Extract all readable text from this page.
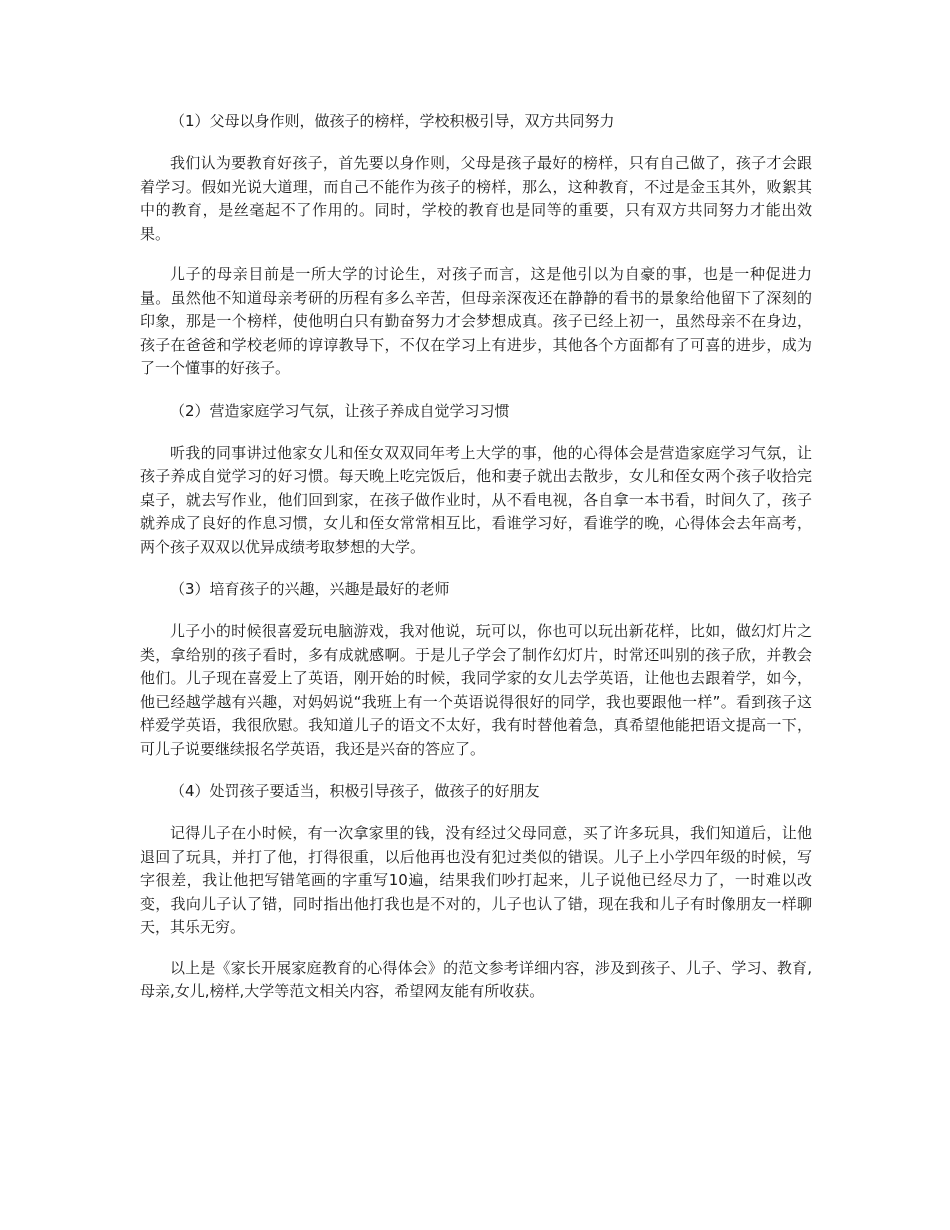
（1）父母以身作则，做孩子的榜样，学校积极引导，双方共同努力

我们认为要教育好孩子，首先要以身作则，父母是孩子最好的榜样，只有自己做了，孩子才会跟着学习。假如光说大道理，而自己不能作为孩子的榜样，那么，这种教育，不过是金玉其外，败絮其中的教育，是丝毫起不了作用的。同时，学校的教育也是同等的重要，只有双方共同努力才能出效果。

儿子的母亲目前是一所大学的讨论生，对孩子而言，这是他引以为自豪的事，也是一种促进力量。虽然他不知道母亲考研的历程有多么辛苦，但母亲深夜还在静静的看书的景象给他留下了深刻的印象，那是一个榜样，使他明白只有勤奋努力才会梦想成真。孩子已经上初一，虽然母亲不在身边，孩子在爸爸和学校老师的谆谆教导下，不仅在学习上有进步，其他各个方面都有了可喜的进步，成为了一个懂事的好孩子。

（2）营造家庭学习气氛，让孩子养成自觉学习习惯

听我的同事讲过他家女儿和侄女双双同年考上大学的事，他的心得体会是营造家庭学习气氛，让孩子养成自觉学习的好习惯。每天晚上吃完饭后，他和妻子就出去散步，女儿和侄女两个孩子收拾完桌子，就去写作业，他们回到家，在孩子做作业时，从不看电视，各自拿一本书看，时间久了，孩子就养成了良好的作息习惯，女儿和侄女常常相互比，看谁学习好，看谁学的晚，心得体会去年高考，两个孩子双双以优异成绩考取梦想的大学。

（3）培育孩子的兴趣，兴趣是最好的老师

儿子小的时候很喜爱玩电脑游戏，我对他说，玩可以，你也可以玩出新花样，比如，做幻灯片之类，拿给别的孩子看时，多有成就感啊。于是儿子学会了制作幻灯片，时常还叫别的孩子欣，并教会他们。儿子现在喜爱上了英语，刚开始的时候，我同学家的女儿去学英语，让他也去跟着学，如今，他已经越学越有兴趣，对妈妈说“我班上有一个英语说得很好的同学，我也要跟他一样”。看到孩子这样爱学英语，我很欣慰。我知道儿子的语文不太好，我有时替他着急，真希望他能把语文提高一下，可儿子说要继续报名学英语，我还是兴奋的答应了。

（4）处罚孩子要适当，积极引导孩子，做孩子的好朋友

记得儿子在小时候，有一次拿家里的钱，没有经过父母同意，买了许多玩具，我们知道后，让他退回了玩具，并打了他，打得很重，以后他再也没有犯过类似的错误。儿子上小学四年级的时候，写字很差，我让他把写错笔画的字重写10遍，结果我们吵打起来，儿子说他已经尽力了，一时难以改变，我向儿子认了错，同时指出他打我也是不对的，儿子也认了错，现在我和儿子有时像朋友一样聊天，其乐无穷。

以上是《家长开展家庭教育的心得体会》的范文参考详细内容，涉及到孩子、儿子、学习、教育,母亲,女儿,榜样,大学等范文相关内容，希望网友能有所收获。
